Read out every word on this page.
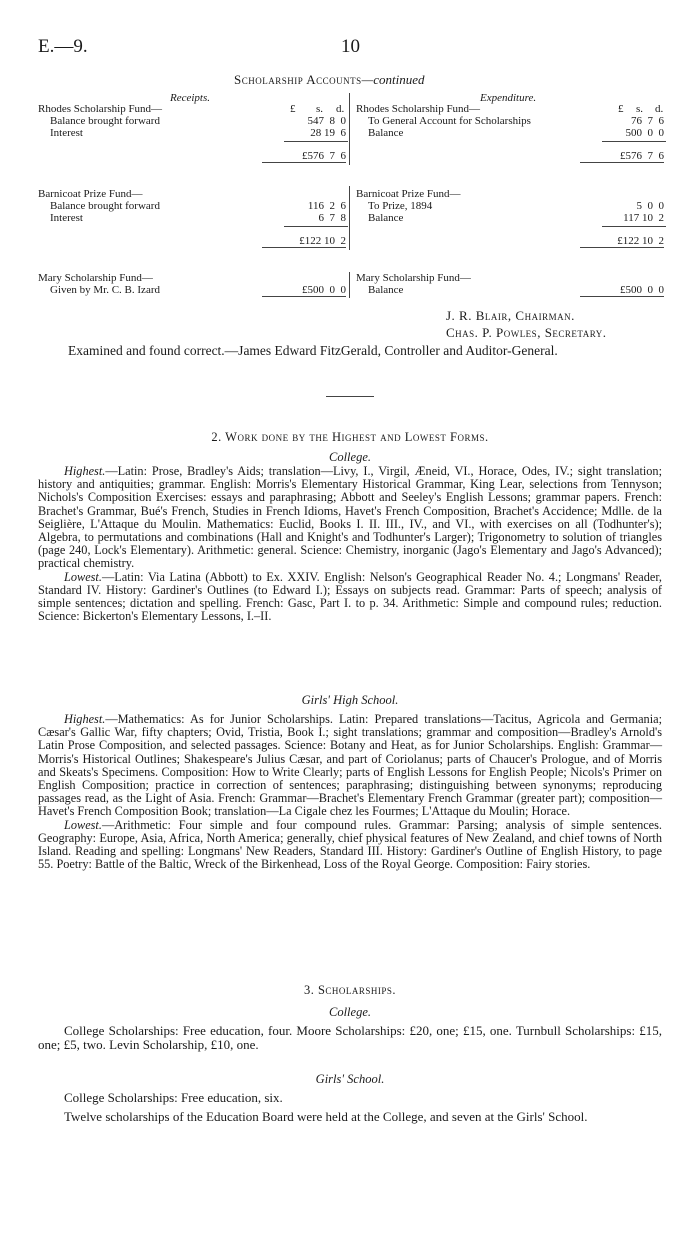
E.—9.	10
Scholarship Accounts—continued
Receipts.	Expenditure.
£ s. d.	£ s. d.
Rhodes Scholarship Fund—
Balance brought forward	547  8  0
Interest	28 19  6
£576  7  6
Rhodes Scholarship Fund—
To General Account for Scholarships	76  7  6
Balance	500  0  0
£576  7  6
Barnicoat Prize Fund—
Balance brought forward	116  2  6
Interest	6  7  8
£122 10  2
Barnicoat Prize Fund—
To Prize, 1894	5  0  0
Balance	117 10  2
£122 10  2
Mary Scholarship Fund—
Given by Mr. C. B. Izard	£500  0  0
Mary Scholarship Fund—
Balance	£500  0  0
J. R. Blair, Chairman.
Chas. P. Powles, Secretary.
Examined and found correct.—James Edward FitzGerald, Controller and Auditor-General.
2. Work done by the Highest and Lowest Forms.
College.

Highest.—Latin: Prose, Bradley's Aids; translation—Livy, I., Virgil, Æneid, VI., Horace, Odes, IV.; sight translation; history and antiquities; grammar. English: Morris's Elementary Historical Grammar, King Lear, selections from Tennyson; Nichols's Composition Exercises: essays and paraphrasing; Abbott and Seeley's English Lessons; grammar papers. French: Brachet's Grammar, Bué's French, Studies in French Idioms, Havet's French Composition, Brachet's Accidence; Mdlle. de la Seiglière, L'Attaque du Moulin. Mathematics: Euclid, Books I. II. III., IV., and VI., with exercises on all (Todhunter's); Algebra, to permutations and combinations (Hall and Knight's and Todhunter's Larger); Trigonometry to solution of triangles (page 240, Lock's Elementary). Arithmetic: general. Science: Chemistry, inorganic (Jago's Elementary and Jago's Advanced); practical chemistry.

Lowest.—Latin: Via Latina (Abbott) to Ex. XXIV. English: Nelson's Geographical Reader No. 4.; Longmans' Reader, Standard IV. History: Gardiner's Outlines (to Edward I.); Essays on subjects read. Grammar: Parts of speech; analysis of simple sentences; dictation and spelling. French: Gasc, Part I. to p. 34. Arithmetic: Simple and compound rules; reduction. Science: Bickerton's Elementary Lessons, I.–II.

Girls' High School.

Highest.—Mathematics: As for Junior Scholarships. Latin: Prepared translations—Tacitus, Agricola and Germania; Cæsar's Gallic War, fifty chapters; Ovid, Tristia, Book I.; sight translations; grammar and composition—Bradley's Arnold's Latin Prose Composition, and selected passages. Science: Botany and Heat, as for Junior Scholarships. English: Grammar—Morris's Historical Outlines; Shakespeare's Julius Cæsar, and part of Coriolanus; parts of Chaucer's Prologue, and of Morris and Skeats's Specimens. Composition: How to Write Clearly; parts of English Lessons for English People; Nicols's Primer on English Composition; practice in correction of sentences; paraphrasing; distinguishing between synonyms; reproducing passages read, as the Light of Asia. French: Grammar—Brachet's Elementary French Grammar (greater part); composition—Havet's French Composition Book; translation—La Cigale chez les Fourmes; L'Attaque du Moulin; Horace.

Lowest.—Arithmetic: Four simple and four compound rules. Grammar: Parsing; analysis of simple sentences. Geography: Europe, Asia, Africa, North America; generally, chief physical features of New Zealand, and chief towns of North Island. Reading and spelling: Longmans' New Readers, Standard III. History: Gardiner's Outline of English History, to page 55. Poetry: Battle of the Baltic, Wreck of the Birkenhead, Loss of the Royal George. Composition: Fairy stories.

3. Scholarships.
College.

College Scholarships: Free education, four. Moore Scholarships: £20, one; £15, one. Turnbull Scholarships: £15, one; £5, two. Levin Scholarship, £10, one.

Girls' School.

College Scholarships: Free education, six.

Twelve scholarships of the Education Board were held at the College, and seven at the Girls' School.
